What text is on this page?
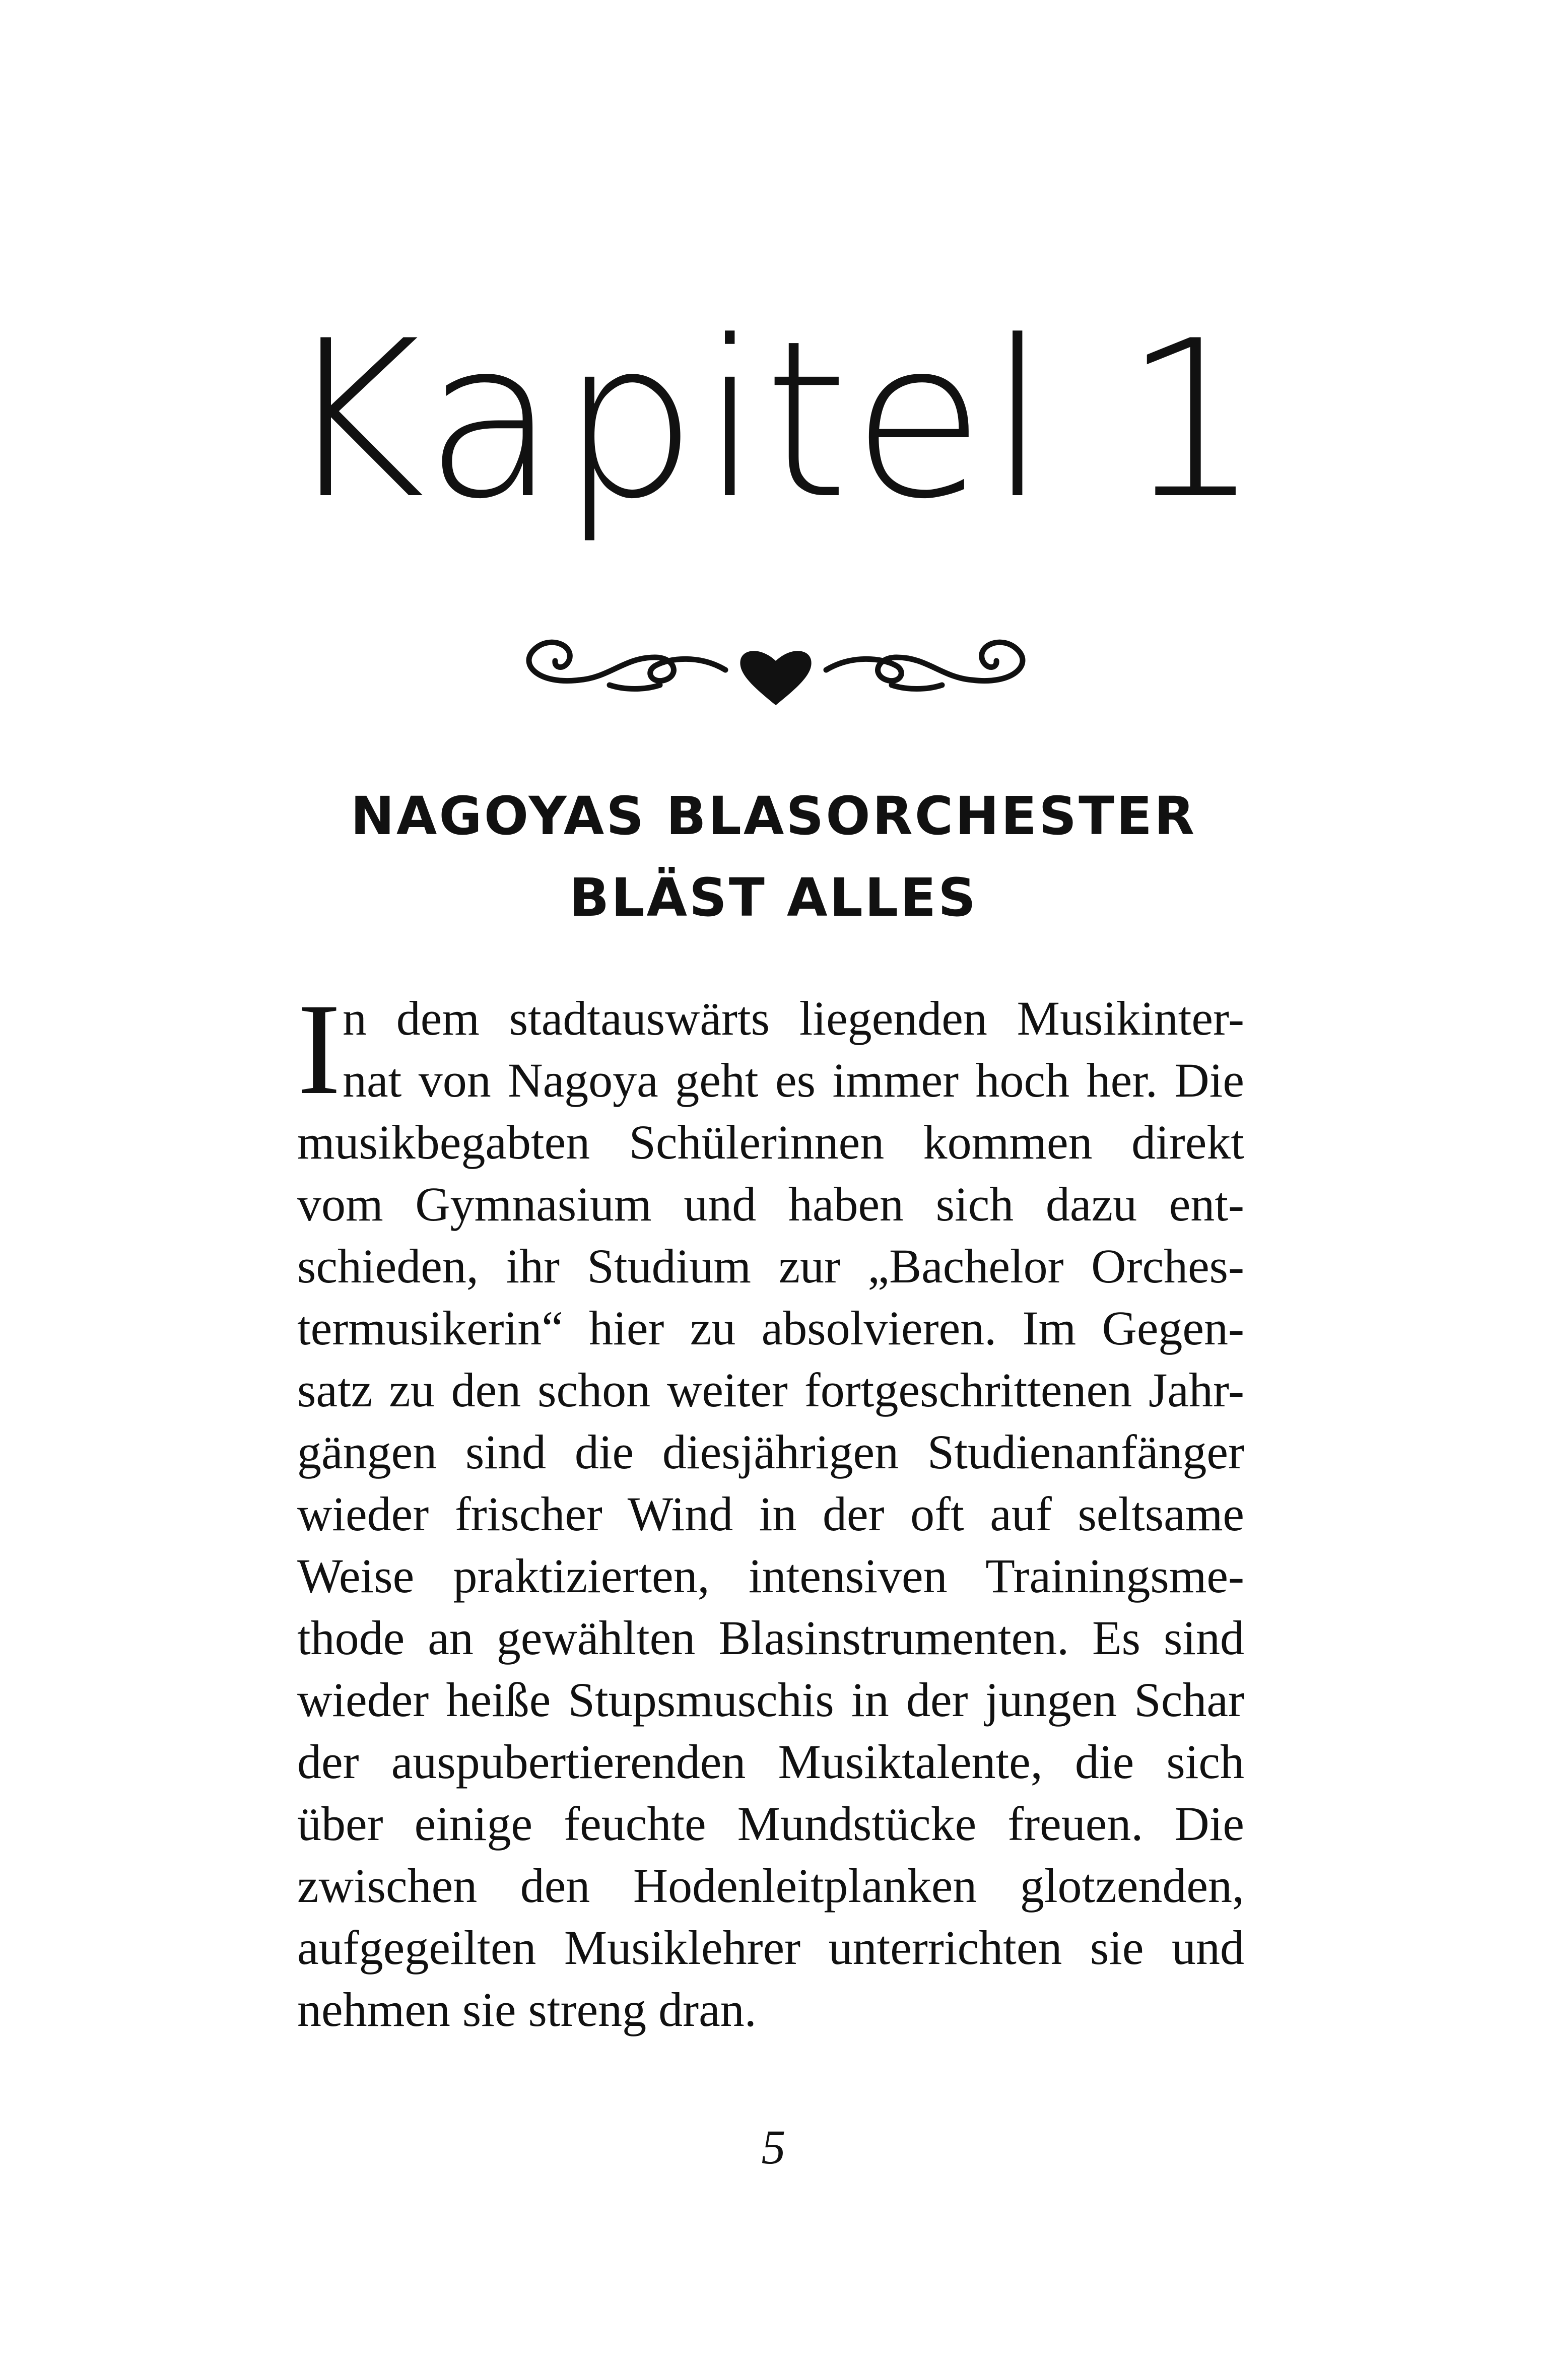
Kapitel 1
NAGOYAS BLASORCHESTER
BLÄST ALLES
I n dem stadtauswärts liegenden Musikinter-
nat von Nagoya geht es immer hoch her. Die
musikbegabten Schülerinnen kommen direkt
vom Gymnasium und haben sich dazu ent-
schieden, ihr Studium zur „Bachelor Orches-
termusikerin“ hier zu absolvieren. Im Gegen-
satz zu den schon weiter fortgeschrittenen Jahr-
gängen sind die diesjährigen Studienanfänger
wieder frischer Wind in der oft auf seltsame
Weise praktizierten, intensiven Trainingsme-
thode an gewählten Blasinstrumenten. Es sind
wieder heiße Stupsmuschis in der jungen Schar
der auspubertierenden Musiktalente, die sich
über einige feuchte Mundstücke freuen. Die
zwischen den Hodenleitplanken glotzenden,
aufgegeilten Musiklehrer unterrichten sie und
nehmen sie streng dran.
5
